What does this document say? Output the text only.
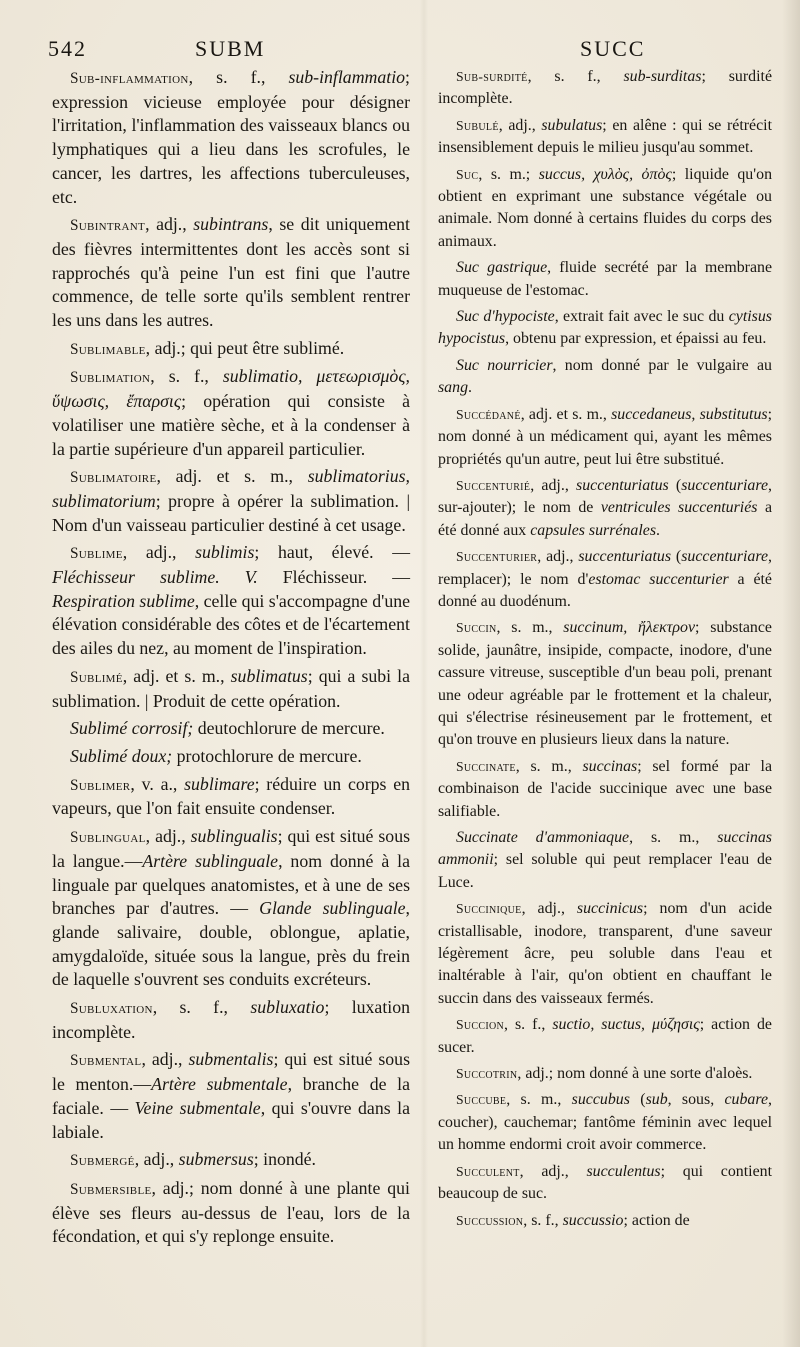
542	SUBM	SUCC

Sub-inflammation, s. f., sub-inflammatio; expression vicieuse employée pour désigner l'irritation, l'inflammation des vaisseaux blancs ou lymphatiques qui a lieu dans les scrofules, le cancer, les dartres, les affections tuberculeuses, etc.

Subintrant, adj., subintrans, se dit uniquement des fièvres intermittentes dont les accès sont si rapprochés qu'à peine l'un est fini que l'autre commence, de telle sorte qu'ils semblent rentrer les uns dans les autres.

Sublimable, adj.; qui peut être sublimé.

Sublimation, s. f., sublimatio, μετεωρισμὸς, ὕψωσις, ἔπαρσις; opération qui consiste à volatiliser une matière sèche, et à la condenser à la partie supérieure d'un appareil particulier.

Sublimatoire, adj. et s. m., sublimatorius, sublimatorium; propre à opérer la sublimation. | Nom d'un vaisseau particulier destiné à cet usage.

Sublime, adj., sublimis; haut, élevé. —Fléchisseur sublime. V. Fléchisseur. — Respiration sublime, celle qui s'accompagne d'une élévation considérable des côtes et de l'écartement des ailes du nez, au moment de l'inspiration.

Sublimé, adj. et s. m., sublimatus; qui a subi la sublimation. | Produit de cette opération.

Sublimé corrosif; deutochlorure de mercure.

Sublimé doux; protochlorure de mercure.

Sublimer, v. a., sublimare; réduire un corps en vapeurs, que l'on fait ensuite condenser.

Sublingual, adj., sublingualis; qui est situé sous la langue.—Artère sublinguale, nom donné à la linguale par quelques anatomistes, et à une de ses branches par d'autres. — Glande sublinguale, glande salivaire, double, oblongue, aplatie, amygdaloïde, située sous la langue, près du frein de laquelle s'ouvrent ses conduits excréteurs.

Subluxation, s. f., subluxatio; luxation incomplète.

Submental, adj., submentalis; qui est situé sous le menton.—Artère submentale, branche de la faciale. — Veine submentale, qui s'ouvre dans la labiale.

Submergé, adj., submersus; inondé.

Submersible, adj.; nom donné à une plante qui élève ses fleurs au-dessus de l'eau, lors de la fécondation, et qui s'y replonge ensuite.

Sub-surdité, s. f., sub-surditas; surdité incomplète.

Subulé, adj., subulatus; en alêne : qui se rétrécit insensiblement depuis le milieu jusqu'au sommet.

Suc, s. m.; succus, χυλὸς, ὀπὸς; liquide qu'on obtient en exprimant une substance végétale ou animale. Nom donné à certains fluides du corps des animaux.

Suc gastrique, fluide secrété par la membrane muqueuse de l'estomac.

Suc d'hypociste, extrait fait avec le suc du cytisus hypocistus, obtenu par expression, et épaissi au feu.

Suc nourricier, nom donné par le vulgaire au sang.

Succédané, adj. et s. m., succedaneus, substitutus; nom donné à un médicament qui, ayant les mêmes propriétés qu'un autre, peut lui être substitué.

Succenturié, adj., succenturiatus (succenturiare, sur-ajouter); le nom de ventricules succenturiés a été donné aux capsules surrénales.

Succenturier, adj., succenturiatus (succenturiare, remplacer); le nom d'estomac succenturier a été donné au duodénum.

Succin, s. m., succinum, ἤλεκτρον; substance solide, jaunâtre, insipide, compacte, inodore, d'une cassure vitreuse, susceptible d'un beau poli, prenant une odeur agréable par le frottement et la chaleur, qui s'électrise résineusement par le frottement, et qu'on trouve en plusieurs lieux dans la nature.

Succinate, s. m., succinas; sel formé par la combinaison de l'acide succinique avec une base salifiable.

Succinate d'ammoniaque, s. m., succinas ammonii; sel soluble qui peut remplacer l'eau de Luce.

Succinique, adj., succinicus; nom d'un acide cristallisable, inodore, transparent, d'une saveur légèrement âcre, peu soluble dans l'eau et inaltérable à l'air, qu'on obtient en chauffant le succin dans des vaisseaux fermés.

Succion, s. f., suctio, suctus, μύζησις; action de sucer.

Succotrin, adj.; nom donné à une sorte d'aloès.

Succube, s. m., succubus (sub, sous, cubare, coucher), cauchemar; fantôme féminin avec lequel un homme endormi croit avoir commerce.

Succulent, adj., succulentus; qui contient beaucoup de suc.

Succussion, s. f., succussio; action de
